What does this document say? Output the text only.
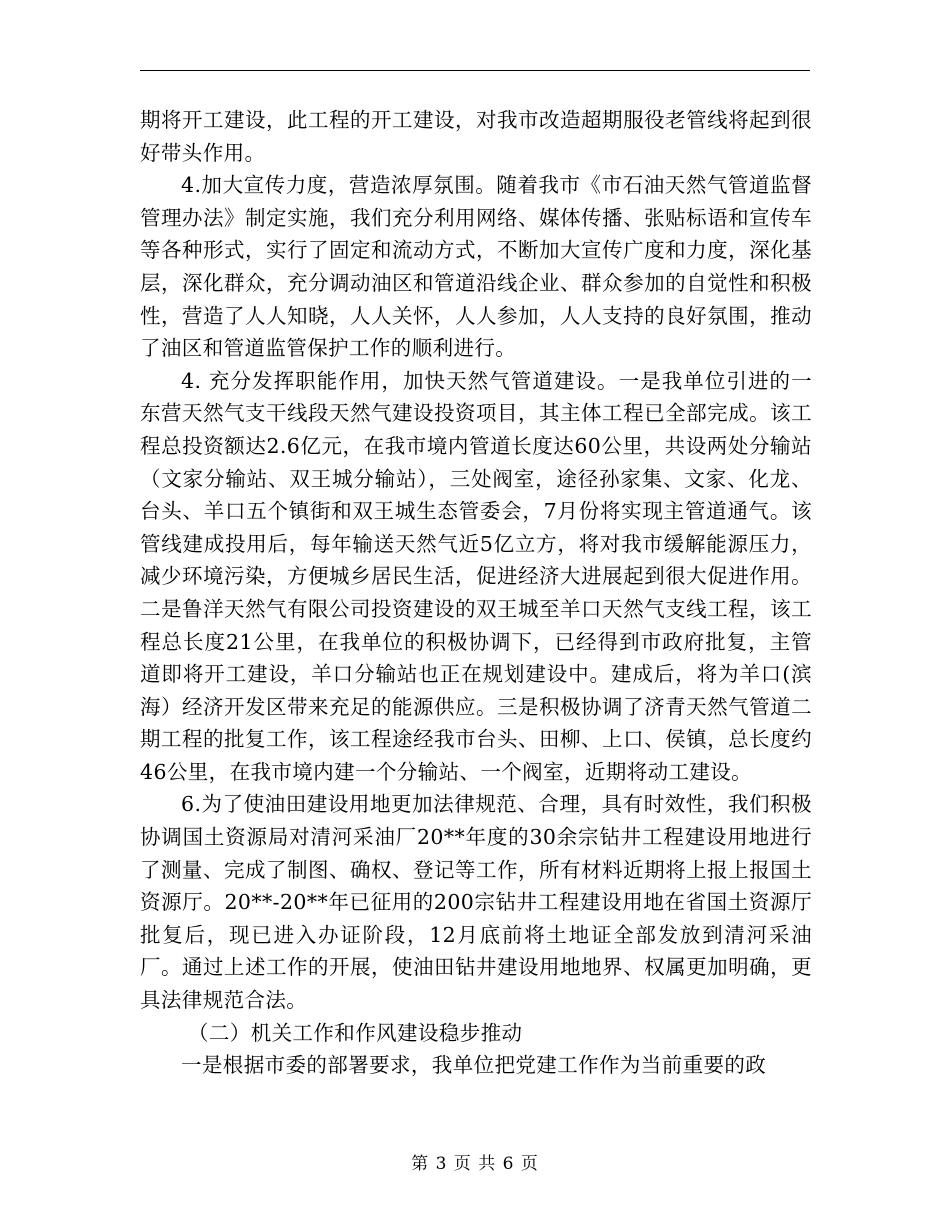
期将开工建设，此工程的开工建设，对我市改造超期服役老管线将起到很好带头作用。

4.加大宣传力度，营造浓厚氛围。随着我市《市石油天然气管道监督管理办法》制定实施，我们充分利用网络、媒体传播、张贴标语和宣传车等各种形式，实行了固定和流动方式，不断加大宣传广度和力度，深化基层，深化群众，充分调动油区和管道沿线企业、群众参加的自觉性和积极性，营造了人人知晓，人人关怀，人人参加，人人支持的良好氛围，推动了油区和管道监管保护工作的顺利进行。

4. 充分发挥职能作用，加快天然气管道建设。一是我单位引进的一东营天然气支干线段天然气建设投资项目，其主体工程已全部完成。该工程总投资额达2.6亿元，在我市境内管道长度达60公里，共设两处分输站（文家分输站、双王城分输站），三处阀室，途径孙家集、文家、化龙、台头、羊口五个镇街和双王城生态管委会，7月份将实现主管道通气。该管线建成投用后，每年输送天然气近5亿立方，将对我市缓解能源压力，减少环境污染，方便城乡居民生活，促进经济大进展起到很大促进作用。二是鲁洋天然气有限公司投资建设的双王城至羊口天然气支线工程，该工程总长度21公里，在我单位的积极协调下，已经得到市政府批复，主管道即将开工建设，羊口分输站也正在规划建设中。建成后，将为羊口(滨海）经济开发区带来充足的能源供应。三是积极协调了济青天然气管道二期工程的批复工作，该工程途经我市台头、田柳、上口、侯镇，总长度约46公里，在我市境内建一个分输站、一个阀室，近期将动工建设。

6.为了使油田建设用地更加法律规范、合理，具有时效性，我们积极协调国土资源局对清河采油厂20**年度的30余宗钻井工程建设用地进行了测量、完成了制图、确权、登记等工作，所有材料近期将上报上报国土资源厅。20**-20**年已征用的200宗钻井工程建设用地在省国土资源厅批复后，现已进入办证阶段，12月底前将土地证全部发放到清河采油厂。通过上述工作的开展，使油田钻井建设用地地界、权属更加明确，更具法律规范合法。

（二）机关工作和作风建设稳步推动

一是根据市委的部署要求，我单位把党建工作作为当前重要的政

第 3 页 共 6 页
